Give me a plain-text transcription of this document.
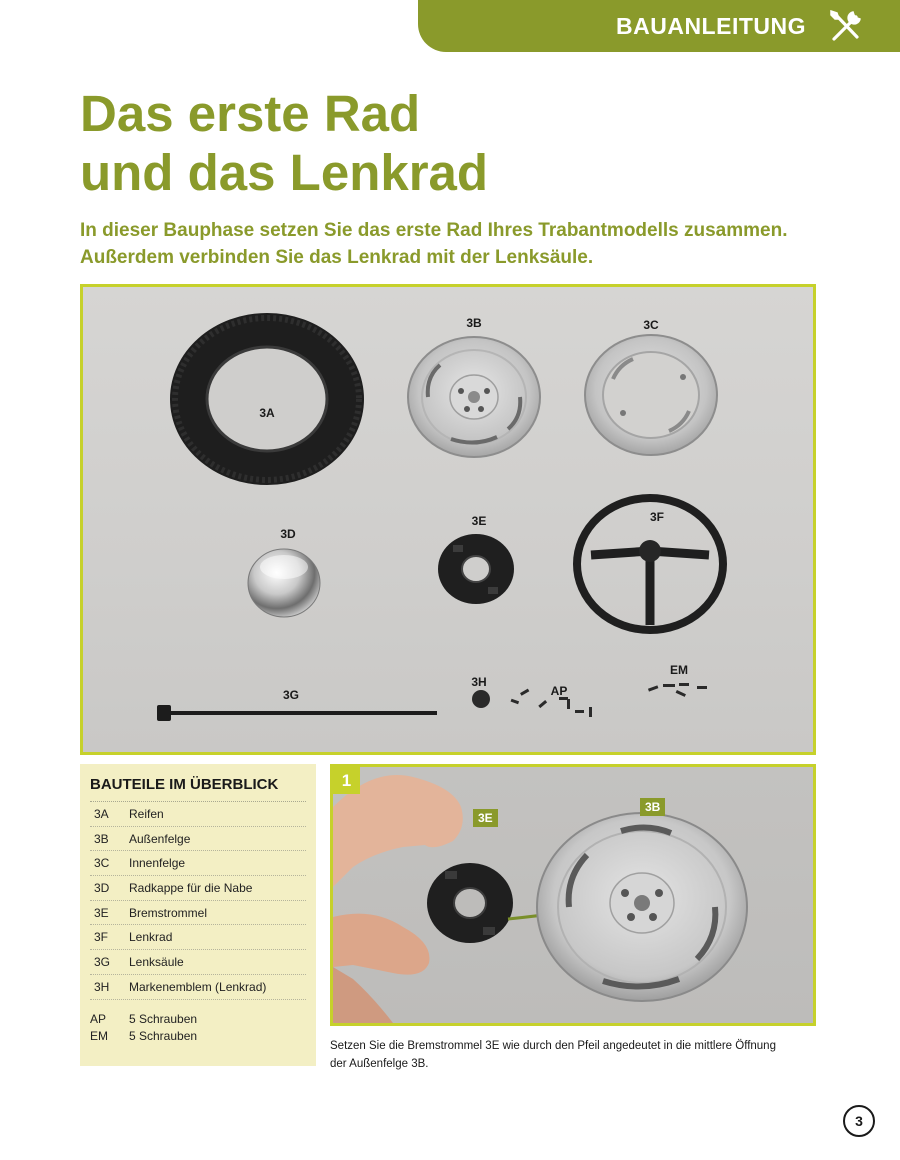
BAUANLEITUNG
Das erste Rad
und das Lenkrad
In dieser Bauphase setzen Sie das erste Rad Ihres Trabantmodells zusammen.
Außerdem verbinden Sie das Lenkrad mit der Lenksäule.
3A
3B	3C
3D
3E	3F
3G
3H
AP
EM
BAUTEILE IM ÜBERBLICK
3A	Reifen
3B	Außenfelge
3C	Innenfelge
3D	Radkappe für die Nabe
3E	Bremstrommel
3F	Lenkrad
3G	Lenksäule
3H	Markenemblem (Lenkrad)
AP	5 Schrauben
EM	5 Schrauben
1
3E
3B
Setzen Sie die Bremstrommel 3E wie durch den Pfeil angedeutet in die mittlere Öffnung
der Außenfelge 3B.
3
